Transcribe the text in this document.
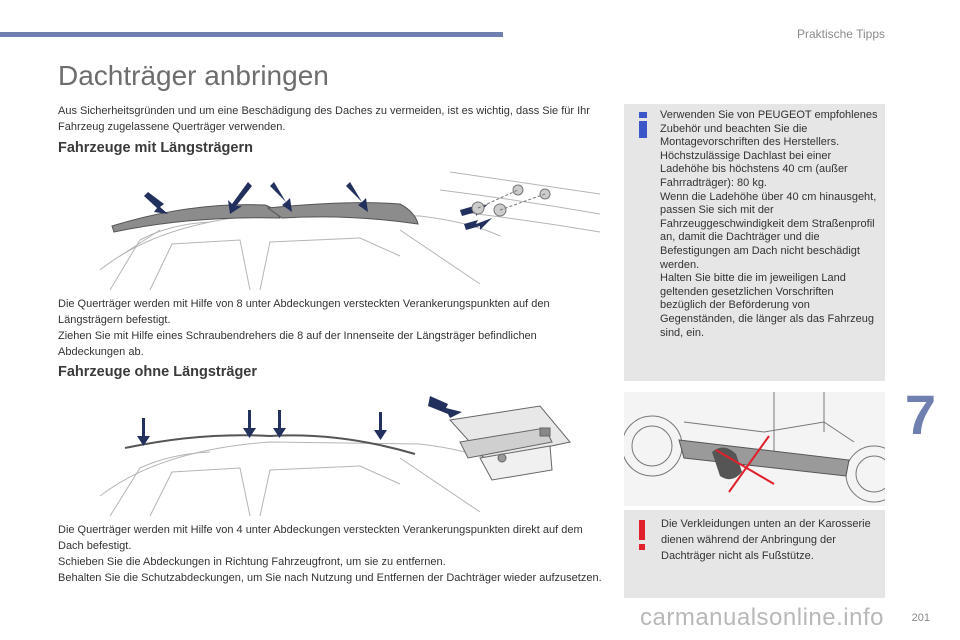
Praktische Tipps
Dachträger anbringen
Aus Sicherheitsgründen und um eine Beschädigung des Daches zu vermeiden, ist es wichtig, dass Sie für Ihr Fahrzeug zugelassene Querträger verwenden.
Fahrzeuge mit Längsträgern

Die Querträger werden mit Hilfe von 8 unter Abdeckungen versteckten Verankerungspunkten auf den Längsträgern befestigt.

Ziehen Sie mit Hilfe eines Schraubendrehers die 8 auf der Innenseite der Längsträger befindlichen Abdeckungen ab.

Fahrzeuge ohne Längsträger

Die Querträger werden mit Hilfe von 4 unter Abdeckungen versteckten Verankerungspunkten direkt auf dem Dach befestigt.

Schieben Sie die Abdeckungen in Richtung Fahrzeugfront, um sie zu entfernen.

Behalten Sie die Schutzabdeckungen, um Sie nach Nutzung und Entfernen der Dachträger wieder aufzusetzen.

Verwenden Sie von PEUGEOT empfohlenes Zubehör und beachten Sie die Montagevorschriften des Herstellers.
Höchstzulässige Dachlast bei einer Ladehöhe bis höchstens 40 cm (außer Fahrradträger): 80 kg.
Wenn die Ladehöhe über 40 cm hinausgeht, passen Sie sich mit der Fahrzeuggeschwindigkeit dem Straßenprofil an, damit die Dachträger und die Befestigungen am Dach nicht beschädigt werden.
Halten Sie bitte die im jeweiligen Land geltenden gesetzlichen Vorschriften bezüglich der Beförderung von Gegenständen, die länger als das Fahrzeug sind, ein.
Die Verkleidungen unten an der Karosserie dienen während der Anbringung der Dachträger nicht als Fußstütze.
7
carmanualsonline.info	201
